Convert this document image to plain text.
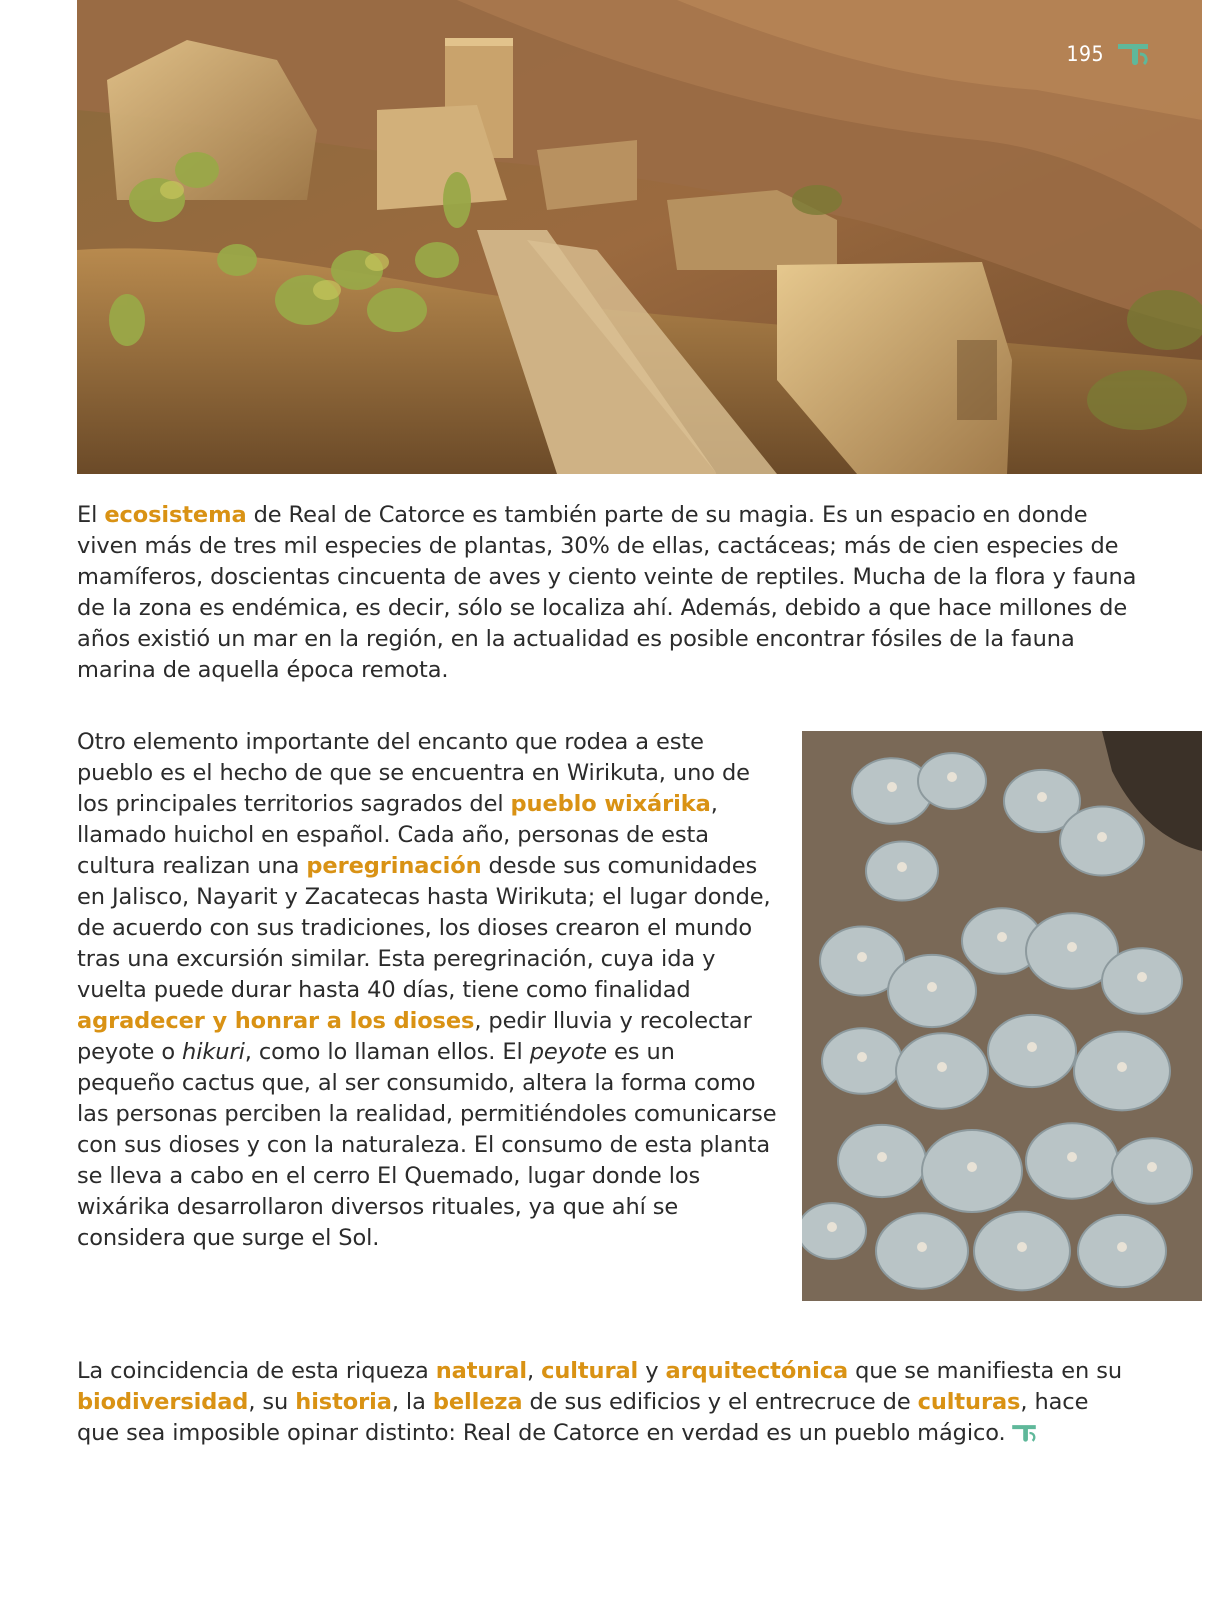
195

El ecosistema de Real de Catorce es también parte de su magia. Es un espacio en donde viven más de tres mil especies de plantas, 30% de ellas, cactáceas; más de cien especies de mamíferos, doscientas cincuenta de aves y ciento veinte de reptiles. Mucha de la flora y fauna de la zona es endémica, es decir, sólo se localiza ahí. Además, debido a que hace millones de años existió un mar en la región, en la actualidad es posible encontrar fósiles de la fauna marina de aquella época remota.

Otro elemento importante del encanto que rodea a este pueblo es el hecho de que se encuentra en Wirikuta, uno de los principales territorios sagrados del pueblo wixárika, llamado huichol en español. Cada año, personas de esta cultura realizan una peregrinación desde sus comunidades en Jalisco, Nayarit y Zacatecas hasta Wirikuta; el lugar donde, de acuerdo con sus tradiciones, los dioses crearon el mundo tras una excursión similar. Esta peregrinación, cuya ida y vuelta puede durar hasta 40 días, tiene como finalidad agradecer y honrar a los dioses, pedir lluvia y recolectar peyote o hikuri, como lo llaman ellos. El peyote es un pequeño cactus que, al ser consumido, altera la forma como las personas perciben la realidad, permitiéndoles comunicarse con sus dioses y con la naturaleza. El consumo de esta planta se lleva a cabo en el cerro El Quemado, lugar donde los wixárika desarrollaron diversos rituales, ya que ahí se considera que surge el Sol.

La coincidencia de esta riqueza natural, cultural y arquitectónica que se manifiesta en su biodiversidad, su historia, la belleza de sus edificios y el entrecruce de culturas, hace que sea imposible opinar distinto: Real de Catorce en verdad es un pueblo mágico.
